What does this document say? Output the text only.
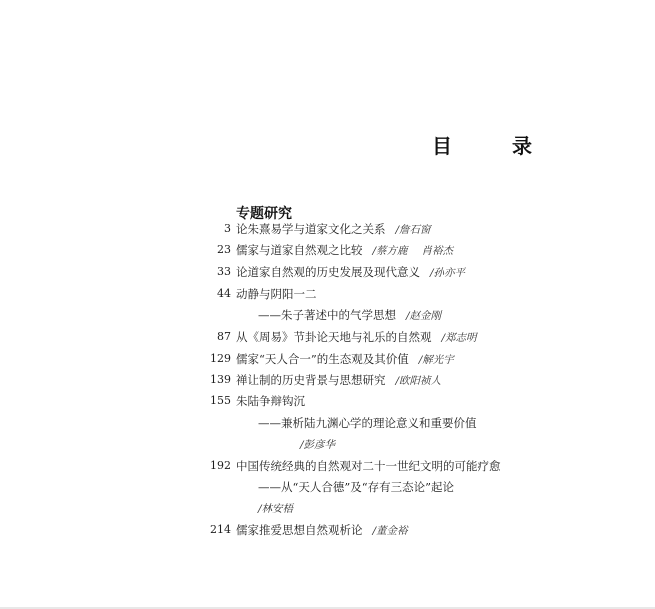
目　录
专题研究
3 论朱熹易学与道家文化之关系 /詹石窗
23 儒家与道家自然观之比较 /蔡方鹿 肖裕杰
33 论道家自然观的历史发展及现代意义 /孙亦平
44 动静与阴阳一二
——朱子著述中的气学思想 /赵金刚
87 从《周易》节卦论天地与礼乐的自然观 /郑志明
129 儒家“天人合一”的生态观及其价值 /解光宇
139 禅让制的历史背景与思想研究 /欧阳祯人
155 朱陆争辩钩沉
——兼析陆九渊心学的理论意义和重要价值
/彭彦华
192 中国传统经典的自然观对二十一世纪文明的可能疗愈
——从“天人合德”及“存有三态论”起论
/林安梧
214 儒家推爱思想自然观析论 /董金裕
